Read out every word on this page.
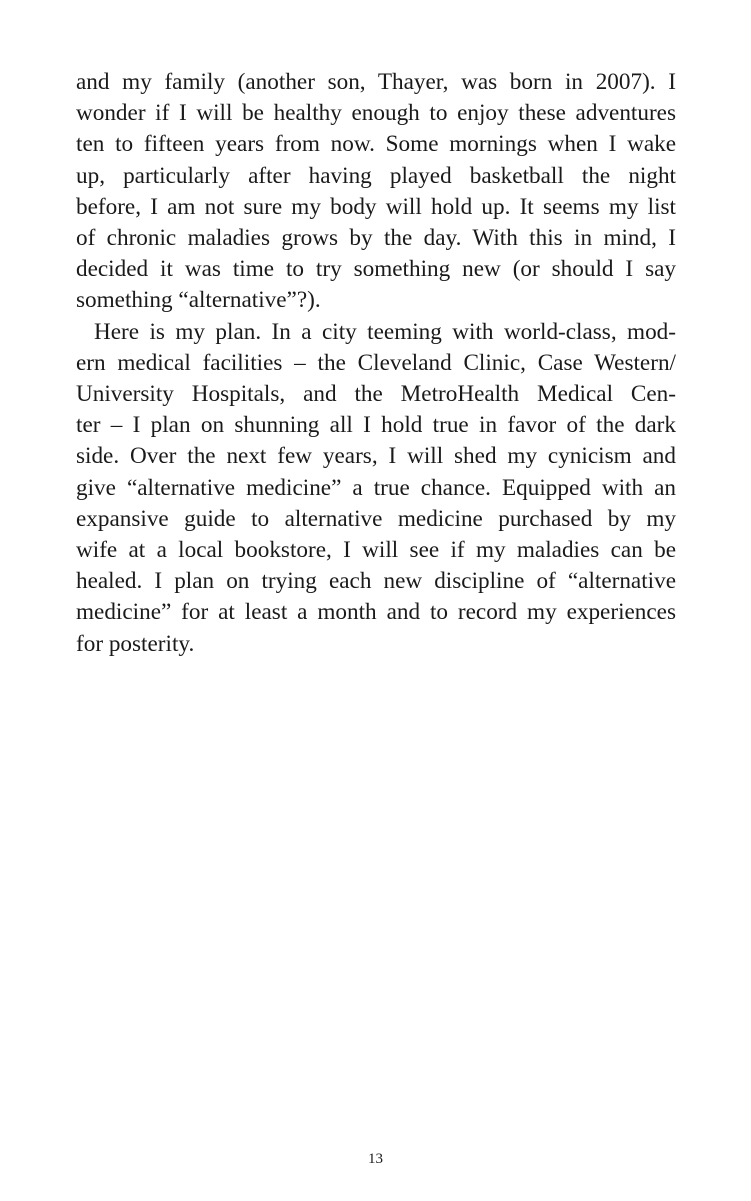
and my family (another son, Thayer, was born in 2007). I
wonder if I will be healthy enough to enjoy these adventures
ten to fifteen years from now. Some mornings when I wake
up, particularly after having played basketball the night
before, I am not sure my body will hold up. It seems my list
of chronic maladies grows by the day. With this in mind, I
decided it was time to try something new (or should I say
something “alternative”?).

Here is my plan. In a city teeming with world-class, mod-
ern medical facilities – the Cleveland Clinic, Case Western/
University Hospitals, and the MetroHealth Medical Cen-
ter – I plan on shunning all I hold true in favor of the dark
side. Over the next few years, I will shed my cynicism and
give “alternative medicine” a true chance. Equipped with an
expansive guide to alternative medicine purchased by my
wife at a local bookstore, I will see if my maladies can be
healed. I plan on trying each new discipline of “alternative
medicine” for at least a month and to record my experiences
for posterity.

13
